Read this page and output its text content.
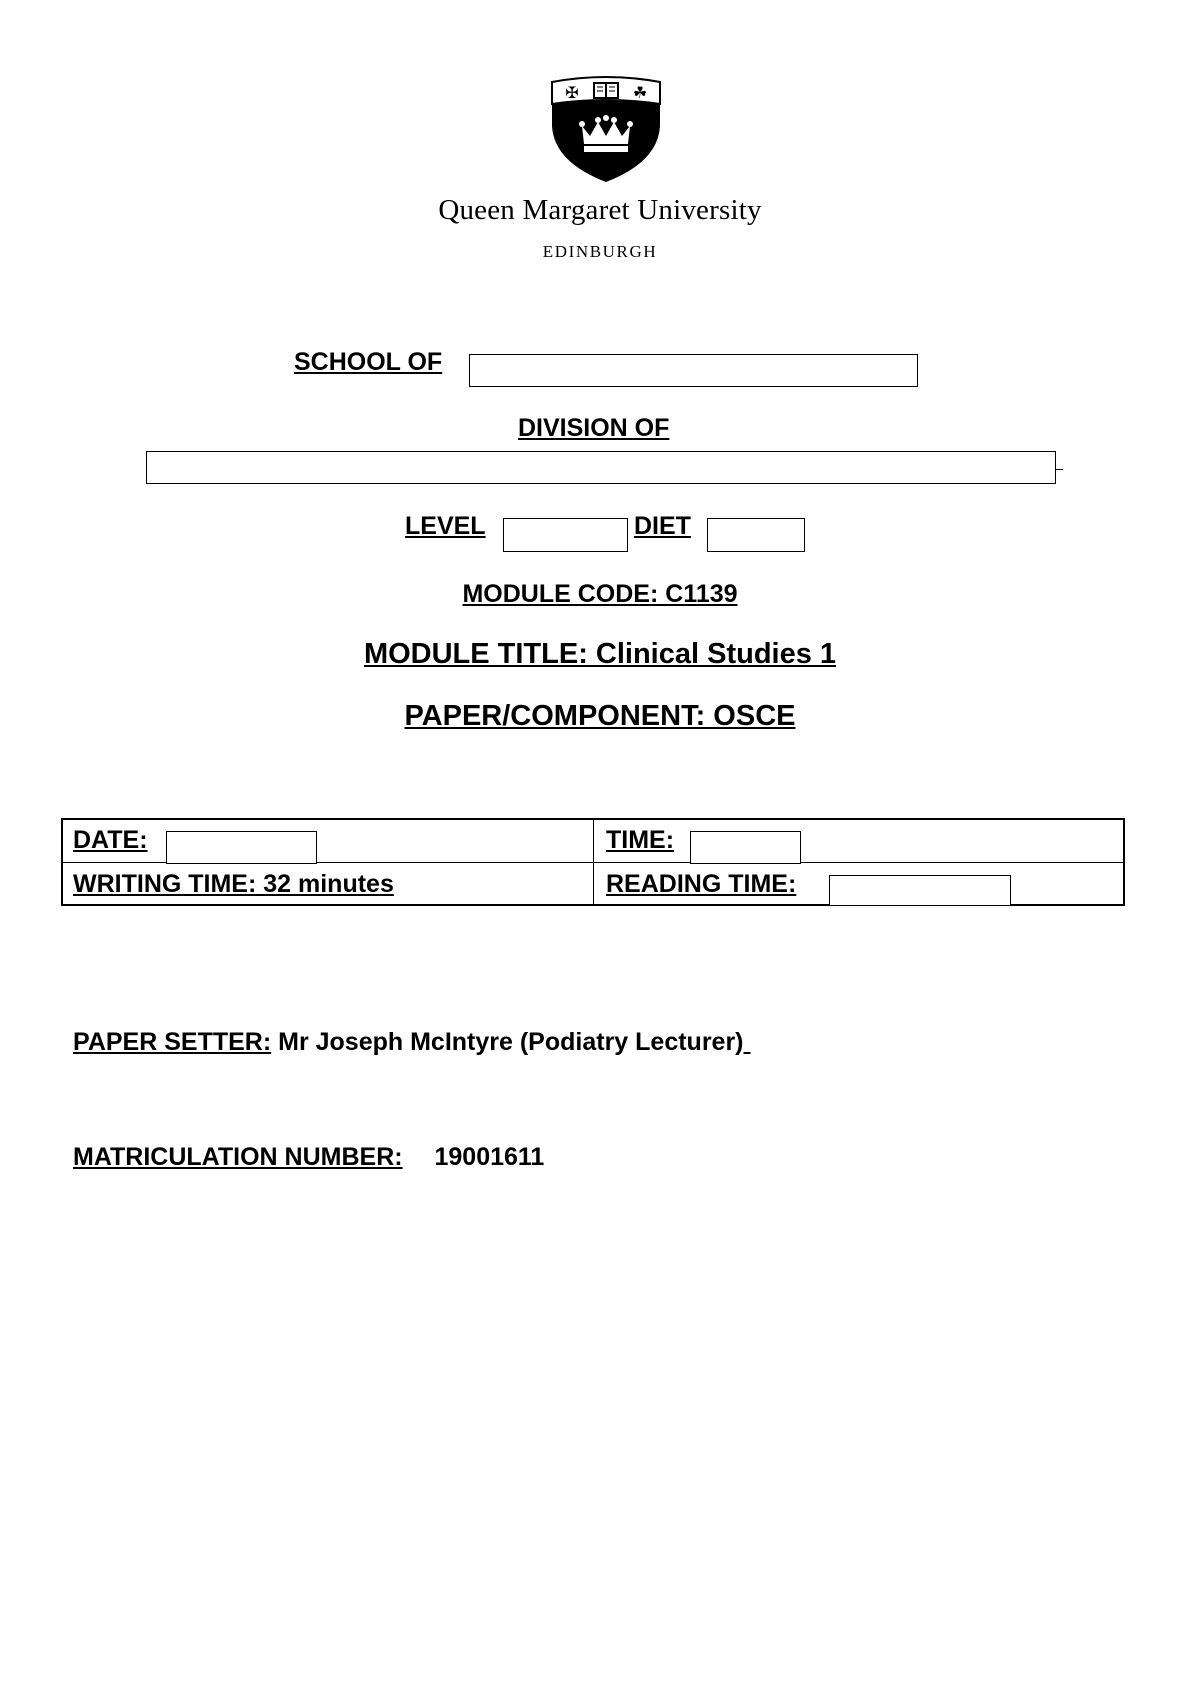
✠	☘
Queen Margaret University
EDINBURGH
SCHOOL OF
DIVISION OF
LEVEL	DIET
MODULE CODE: C1139
MODULE TITLE: Clinical Studies 1
PAPER/COMPONENT: OSCE
DATE:	TIME:
WRITING TIME: 32 minutes	READING TIME:
PAPER SETTER: Mr Joseph McIntyre (Podiatry Lecturer)
MATRICULATION NUMBER: 19001611
